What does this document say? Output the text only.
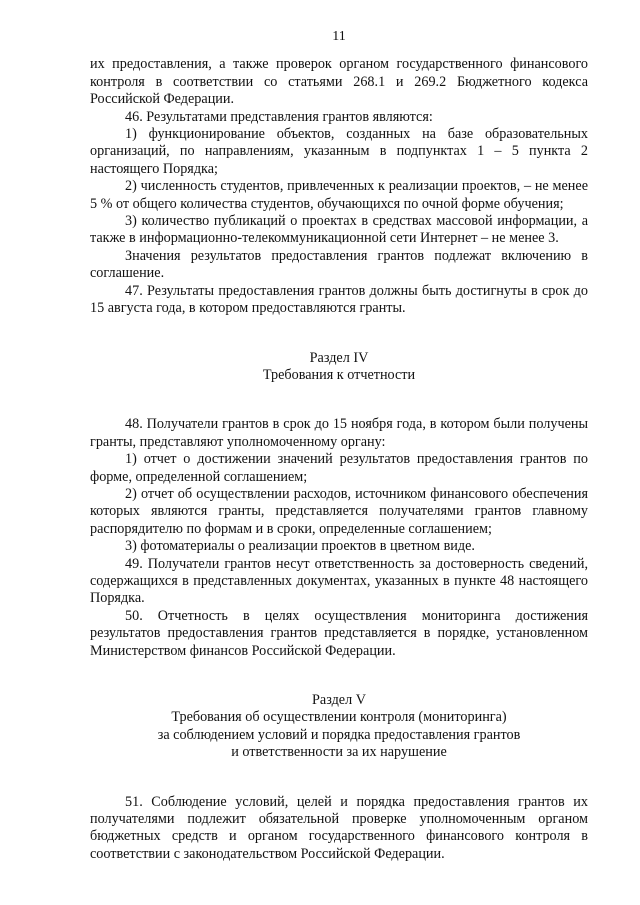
11

их предоставления, а также проверок органом государственного финансового контроля в соответствии со статьями 268.1 и 269.2 Бюджетного кодекса Российской Федерации.

46. Результатами представления грантов являются:

1) функционирование объектов, созданных на базе образовательных организаций, по направлениям, указанным в подпунктах 1 – 5 пункта 2 настоящего Порядка;

2) численность студентов, привлеченных к реализации проектов, – не менее 5 % от общего количества студентов, обучающихся по очной форме обучения;

3) количество публикаций о проектах в средствах массовой информации, а также в информационно-телекоммуникационной сети Интернет – не менее 3.

Значения результатов предоставления грантов подлежат включению в соглашение.

47. Результаты предоставления грантов должны быть достигнуты в срок до 15 августа года, в котором предоставляются гранты.

Раздел IV

Требования к отчетности

48. Получатели грантов в срок до 15 ноября года, в котором были получены гранты, представляют уполномоченному органу:

1) отчет о достижении значений результатов предоставления грантов по форме, определенной соглашением;

2) отчет об осуществлении расходов, источником финансового обеспечения которых являются гранты, представляется получателями грантов главному распорядителю по формам и в сроки, определенные соглашением;

3) фотоматериалы о реализации проектов в цветном виде.

49. Получатели грантов несут ответственность за достоверность сведений, содержащихся в представленных документах, указанных в пункте 48 настоящего Порядка.

50. Отчетность в целях осуществления мониторинга достижения результатов предоставления грантов представляется в порядке, установленном Министерством финансов Российской Федерации.

Раздел V

Требования об осуществлении контроля (мониторинга)

за соблюдением условий и порядка предоставления грантов

и ответственности за их нарушение

51. Соблюдение условий, целей и порядка предоставления грантов их получателями подлежит обязательной проверке уполномоченным органом бюджетных средств и органом государственного финансового контроля в соответствии с законодательством Российской Федерации.
